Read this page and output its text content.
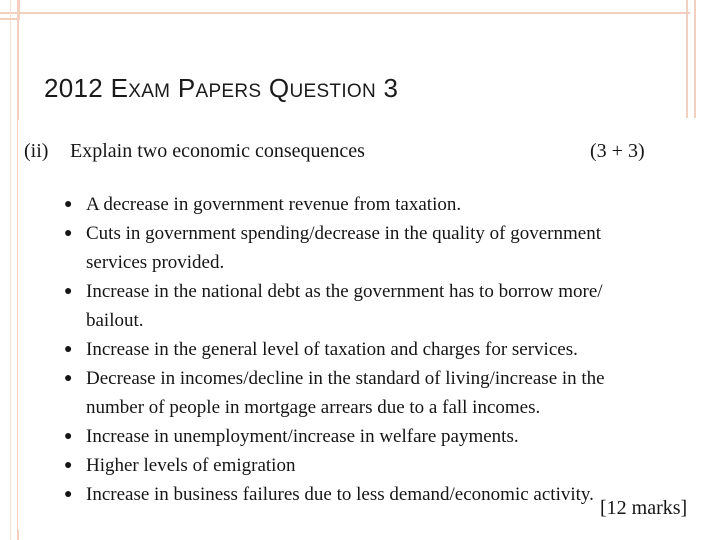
2012 EXAM PAPERS QUESTION 3
(ii) Explain two economic consequences	(3 + 3)
● A decrease in government revenue from taxation.
● Cuts in government spending/decrease in the quality of government services provided.
● Increase in the national debt as the government has to borrow more/ bailout.
● Increase in the general level of taxation and charges for services.
● Decrease in incomes/decline in the standard of living/increase in the number of people in mortgage arrears due to a fall incomes.
● Increase in unemployment/increase in welfare payments.
● Higher levels of emigration
● Increase in business failures due to less demand/economic activity.
[12 marks]
